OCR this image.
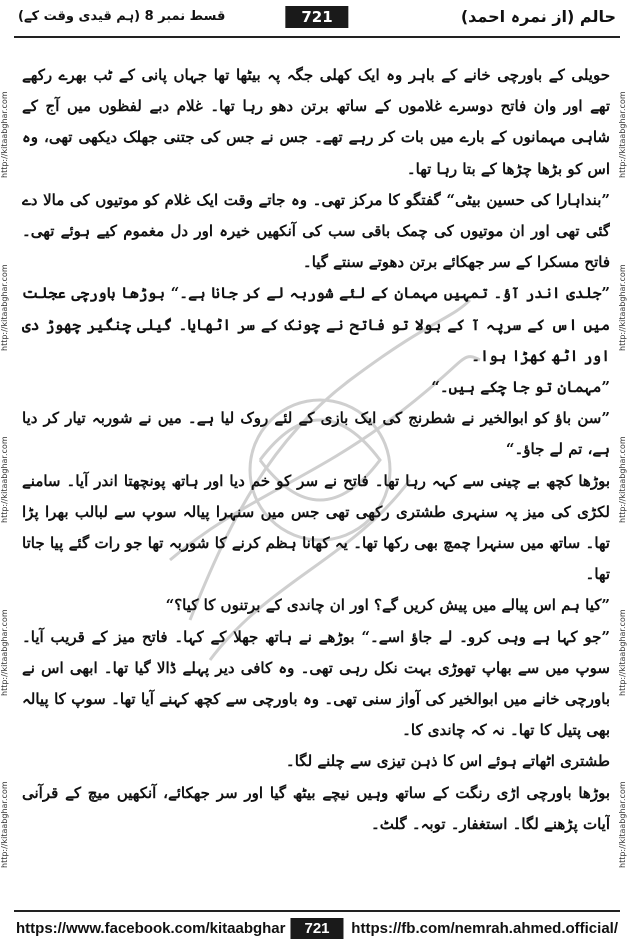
قسط نمبر 8 (ہم قیدی وقت کے)	721	حالم (از نمرہ احمد)
http://kitaabghar.com
http://kitaabghar.com
http://kitaabghar.com
http://kitaabghar.com
http://kitaabghar.com
http://kitaabghar.com
http://kitaabghar.com
http://kitaabghar.com
http://kitaabghar.com
http://kitaabghar.com

حویلی کے باورچی خانے کے باہر وہ ایک کھلی جگہ پہ بیٹھا تھا جہاں پانی کے ٹب بھرے رکھے تھے اور وان فاتح دوسرے غلاموں کے ساتھ برتن دھو رہا تھا۔ غلام دبے لفظوں میں آج کے شاہی مہمانوں کے بارے میں بات کر رہے تھے۔ جس نے جس کی جتنی جھلک دیکھی تھی، وہ اس کو بڑھا چڑھا کے بتا رہا تھا۔

”بنداہارا کی حسین بیٹی“ گفتگو کا مرکز تھی۔ وہ جاتے وقت ایک غلام کو موتیوں کی مالا دے گئی تھی اور ان موتیوں کی چمک باقی سب کی آنکھیں خیرہ اور دل مغموم کیے ہوئے تھی۔ فاتح مسکرا کے سر جھکائے برتن دھوتے سنتے گیا۔

”جلدی اندر آؤ۔ تمہیں مہمان کے لئے شوربہ لے کر جانا ہے۔“ بوڑھا باورچی عجلت میں اس کے سرپہ آ کے بولا تو فاتح نے چونک کے سر اٹھایا۔ گیلی چنگیر چھوڑ دی اور اٹھ کھڑا ہوا۔

”مہمان تو جا چکے ہیں۔“

”سن باؤ کو ابوالخیر نے شطرنج کی ایک بازی کے لئے روک لیا ہے۔ میں نے شوربہ تیار کر دیا ہے، تم لے جاؤ۔“

بوڑھا کچھ بے چینی سے کہہ رہا تھا۔ فاتح نے سر کو خم دیا اور ہاتھ پونچھتا اندر آیا۔ سامنے لکڑی کی میز پہ سنہری طشتری رکھی تھی جس میں سنہرا پیالہ سوپ سے لبالب بھرا پڑا تھا۔ ساتھ میں سنہرا چمچ بھی رکھا تھا۔ یہ کھانا ہظم کرنے کا شوربہ تھا جو رات گئے پیا جاتا تھا۔

”کیا ہم اس پیالے میں پیش کریں گے؟ اور ان چاندی کے برتنوں کا کیا؟“

”جو کہا ہے وہی کرو۔ لے جاؤ اسے۔“ بوڑھے نے ہاتھ جھلا کے کہا۔ فاتح میز کے قریب آیا۔ سوپ میں سے بھاپ تھوڑی بہت نکل رہی تھی۔ وہ کافی دیر پہلے ڈالا گیا تھا۔ ابھی اس نے باورچی خانے میں ابوالخیر کی آواز سنی تھی۔ وہ باورچی سے کچھ کہنے آیا تھا۔ سوپ کا پیالہ بھی پتیل کا تھا۔ نہ کہ چاندی کا۔

طشتری اٹھاتے ہوئے اس کا ذہن تیزی سے چلنے لگا۔

بوڑھا باورچی اڑی رنگت کے ساتھ وہیں نیچے بیٹھ گیا اور سر جھکائے، آنکھیں میچ کے قرآنی آیات پڑھنے لگا۔ استغفار۔ توبہ۔ گلٹ۔

https://www.facebook.com/kitaabghar	721	https://fb.com/nemrah.ahmed.official/
